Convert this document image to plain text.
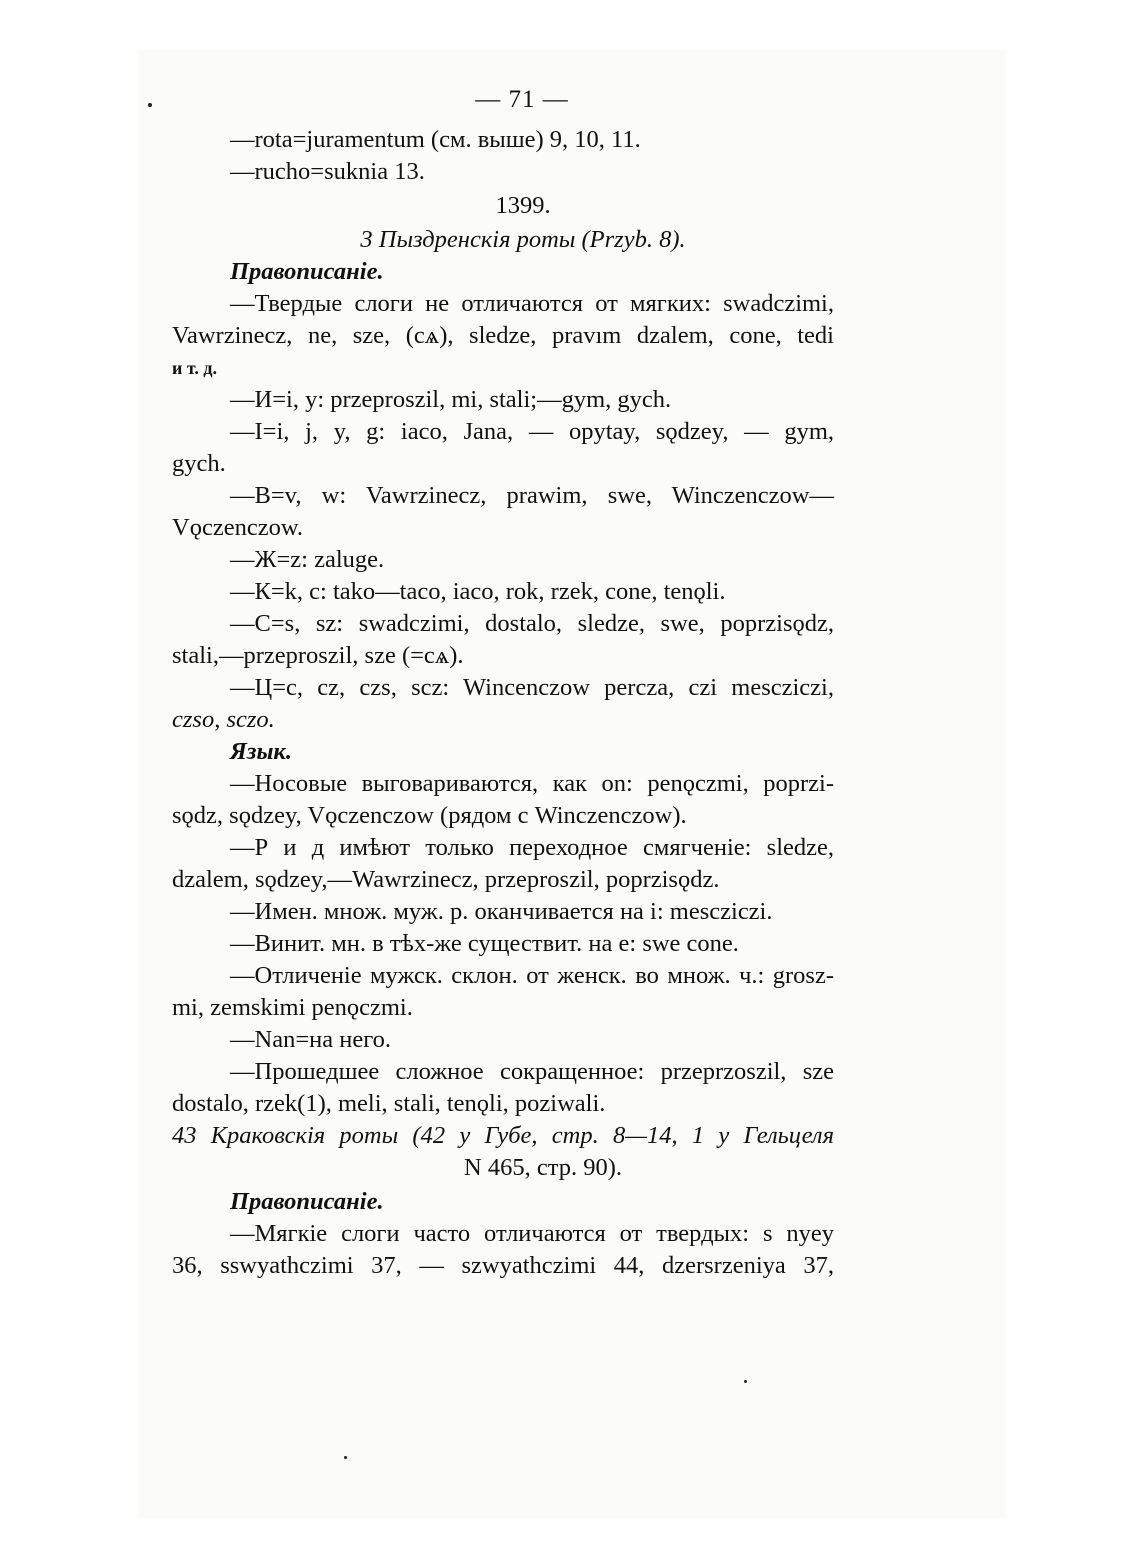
— 71 —

—rota=juramentum (см. выше) 9, 10, 11.

—rucho=suknia 13.

1399.

3 Пыздренскія роты (Przyb. 8).

Правописаніе.

—Твердые слоги не отличаются от мягких: swadczimi,

Vawrzinecz, ne, sze, (сѧ), sledze, pravım dzalem, cone, tedi

и т. д.

—И=i, y: przeproszil, mi, stali;—gym, gych.

—I=i, j, y, g: iaco, Jana, — opytay, sǫdzey, — gym,

gych.

—В=v, w: Vawrzinecz, prawim, swe, Winczenczow—

Vǫczenczow.

—Ж=z: zaluge.

—К=k, c: tako—taco, iaco, rok, rzek, cone, tenǫli.

—С=s, sz: swadczimi, dostalo, sledze, swe, poprzisǫdz,

stali,—przeproszil, sze (=сѧ).

—Ц=c, cz, czs, scz: Wincenczow percza, czi mescziczi,

czso, sczo.

Язык.

—Носовые выговариваются, как on: penǫczmi, poprzi-

sǫdz, sǫdzey, Vǫczenczow (рядом с Winczenczow).

—Р и д имѣют только переходное смягченіе: sledze,

dzalem, sǫdzey,—Wawrzinecz, przeproszil, poprzisǫdz.

—Имен. множ. муж. р. оканчивается на i: mescziczi.

—Винит. мн. в тѣх-же существит. на e: swe cone.

—Отличеніе мужск. склон. от женск. во множ. ч.: grosz-

mi, zemskimi penǫczmi.

—Nan=на него.

—Прошедшее сложное сокращенное: przeprzoszil, sze

dostalo, rzek(1), meli, stali, tenǫli, poziwali.

43 Краковскія роты (42 у Губе, стр. 8—14, 1 у Гельцеля

N 465, стр. 90).

Правописаніе.

—Мягкіе слоги часто отличаются от твердых: s nyey

36, sswyathczimi 37, — szwyathczimi 44, dzersrzeniya 37,
